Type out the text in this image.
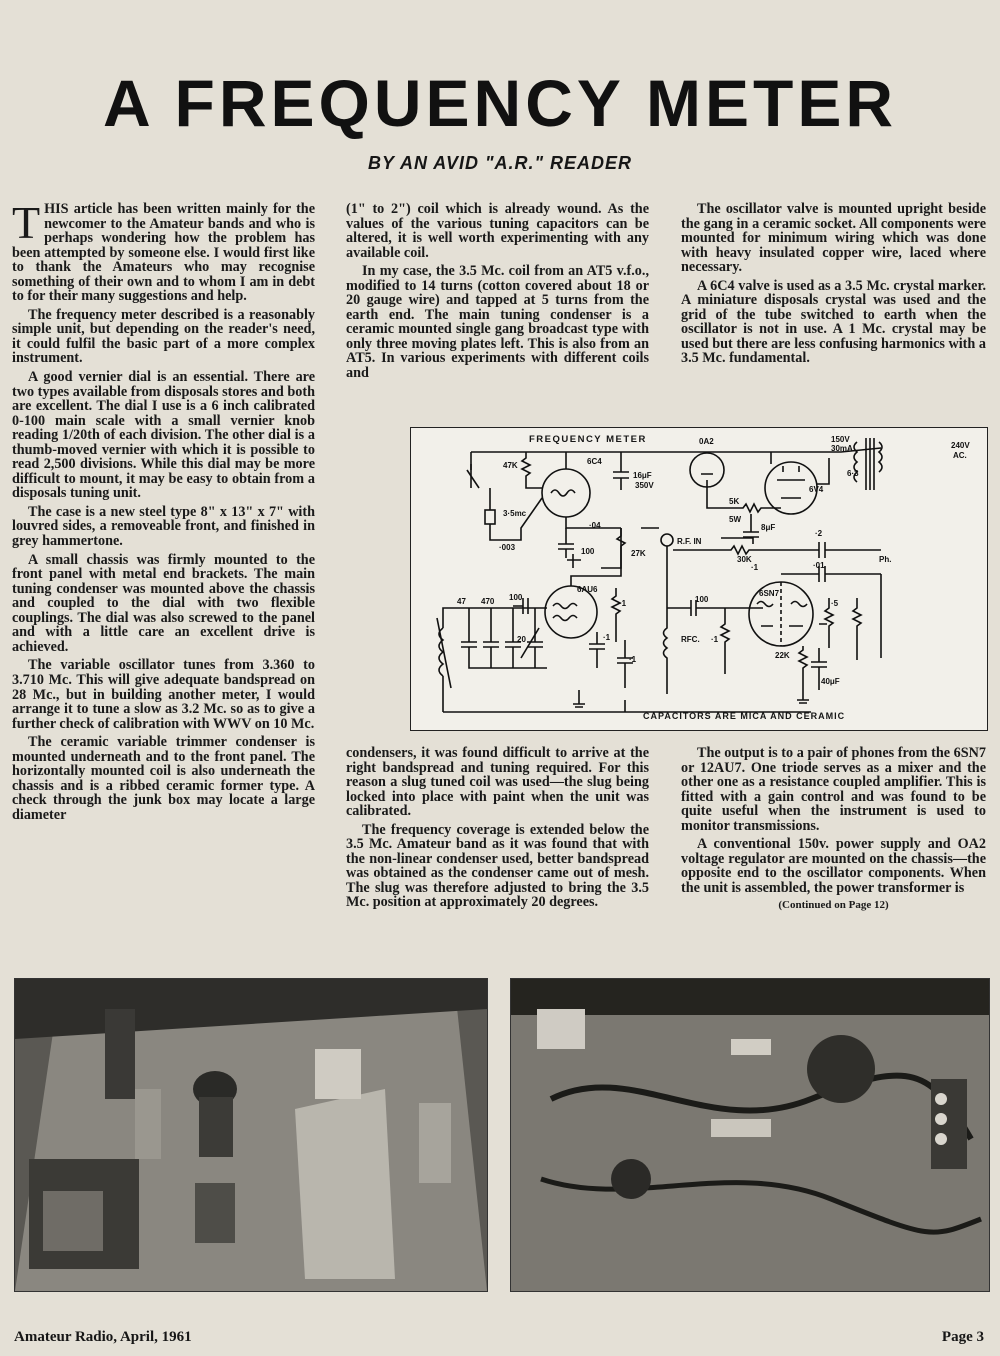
A FREQUENCY METER
BY AN AVID "A.R." READER

THIS article has been written mainly for the newcomer to the Amateur bands and who is perhaps wondering how the problem has been attempted by someone else. I would first like to thank the Amateurs who may recognise something of their own and to whom I am in debt to for their many suggestions and help.

The frequency meter described is a reasonably simple unit, but depending on the reader's need, it could fulfil the basic part of a more complex instrument.

A good vernier dial is an essential. There are two types available from disposals stores and both are excellent. The dial I use is a 6 inch calibrated 0-100 main scale with a small vernier knob reading 1/20th of each division. The other dial is a thumb-moved vernier with which it is possible to read 2,500 divisions. While this dial may be more difficult to mount, it may be easy to obtain from a disposals tuning unit.

The case is a new steel type 8" x 13" x 7" with louvred sides, a removeable front, and finished in grey hammertone.

A small chassis was firmly mounted to the front panel with metal end brackets. The main tuning condenser was mounted above the chassis and coupled to the dial with two flexible couplings. The dial was also screwed to the panel and with a little care an excellent drive is achieved.

The variable oscillator tunes from 3.360 to 3.710 Mc. This will give adequate bandspread on 28 Mc., but in building another meter, I would arrange it to tune a slow as 3.2 Mc. so as to give a further check of calibration with WWV on 10 Mc.

The ceramic variable trimmer condenser is mounted underneath and to the front panel. The horizontally mounted coil is also underneath the chassis and is a ribbed ceramic former type. A check through the junk box may locate a large diameter

(1" to 2") coil which is already wound. As the values of the various tuning capacitors can be altered, it is well worth experimenting with any available coil.

In my case, the 3.5 Mc. coil from an AT5 v.f.o., modified to 14 turns (cotton covered about 18 or 20 gauge wire) and tapped at 5 turns from the earth end. The main tuning condenser is a ceramic mounted single gang broadcast type with only three moving plates left. This is also from an AT5. In various experiments with different coils and

The oscillator valve is mounted upright beside the gang in a ceramic socket. All components were mounted for minimum wiring which was done with heavy insulated copper wire, laced where necessary.

A 6C4 valve is used as a 3.5 Mc. crystal marker. A miniature disposals crystal was used and the grid of the tube switched to earth when the oscillator is not in use. A 1 Mc. crystal may be used but there are less confusing harmonics with a 3.5 Mc. fundamental.

FREQUENCY METER
47K	6C4
16μF
350V
0A2
6V4
150V
30mA	240V
AC.
6·3
3·5mc
·003
·04
100	27K
R.F. IN
5K
5W
8μF
30K
·2
Ph.
·1	·01
6AU6	6SN7
·1
47 470 100
20	·1
100
RFC. ·1
·1
·5
22K
40μF
CAPACITORS ARE MICA AND CERAMIC

condensers, it was found difficult to arrive at the right bandspread and tuning required. For this reason a slug tuned coil was used—the slug being locked into place with paint when the unit was calibrated.

The frequency coverage is extended below the 3.5 Mc. Amateur band as it was found that with the non-linear condenser used, better bandspread was obtained as the condenser came out of mesh. The slug was therefore adjusted to bring the 3.5 Mc. position at approximately 20 degrees.

The output is to a pair of phones from the 6SN7 or 12AU7. One triode serves as a mixer and the other one as a resistance coupled amplifier. This is fitted with a gain control and was found to be quite useful when the instrument is used to monitor transmissions.

A conventional 150v. power supply and OA2 voltage regulator are mounted on the chassis—the opposite end to the oscillator components. When the unit is assembled, the power transformer is

(Continued on Page 12)
Amateur Radio, April, 1961	Page 3
